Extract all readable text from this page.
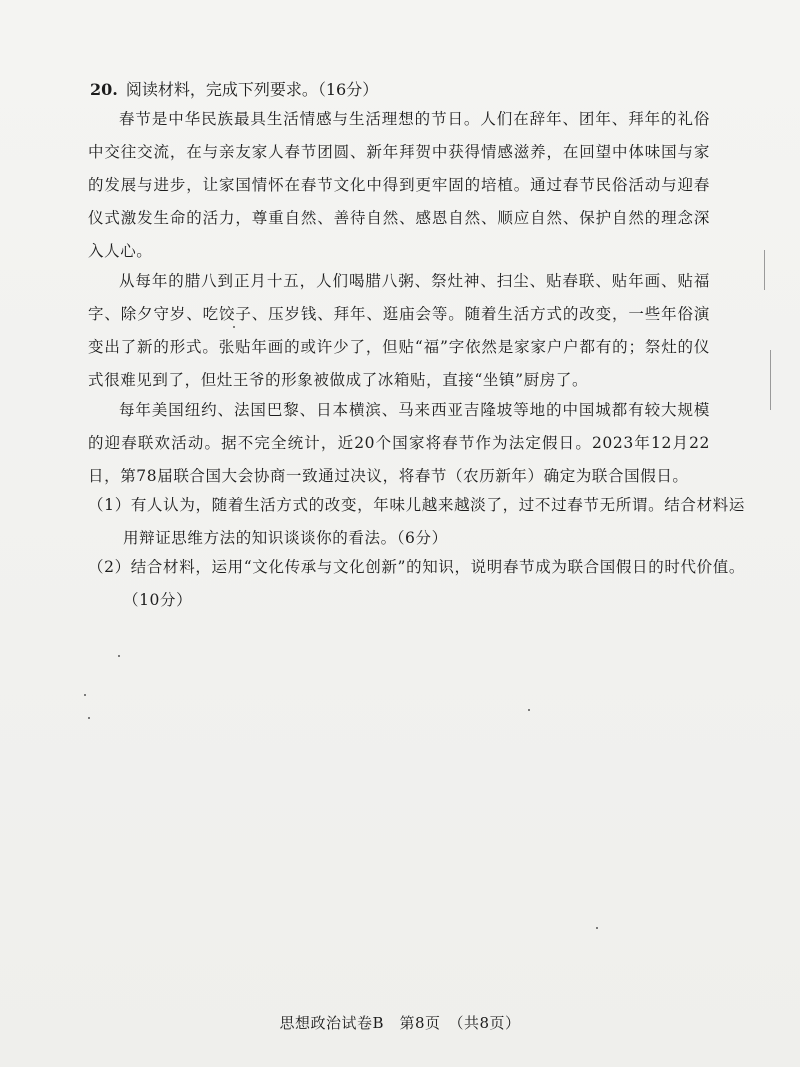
20. 阅读材料，完成下列要求。（16分）

春节是中华民族最具生活情感与生活理想的节日。人们在辞年、团年、拜年的礼俗中交往交流，在与亲友家人春节团圆、新年拜贺中获得情感滋养，在回望中体味国与家的发展与进步，让家国情怀在春节文化中得到更牢固的培植。通过春节民俗活动与迎春仪式激发生命的活力，尊重自然、善待自然、感恩自然、顺应自然、保护自然的理念深入人心。

从每年的腊八到正月十五，人们喝腊八粥、祭灶神、扫尘、贴春联、贴年画、贴福字、除夕守岁、吃饺子、压岁钱、拜年、逛庙会等。随着生活方式的改变，一些年俗演变出了新的形式。张贴年画的或许少了，但贴“福”字依然是家家户户都有的；祭灶的仪式很难见到了，但灶王爷的形象被做成了冰箱贴，直接“坐镇”厨房了。

每年美国纽约、法国巴黎、日本横滨、马来西亚吉隆坡等地的中国城都有较大规模的迎春联欢活动。据不完全统计，近20个国家将春节作为法定假日。2023年12月22日，第78届联合国大会协商一致通过决议，将春节（农历新年）确定为联合国假日。

（1）有人认为，随着生活方式的改变，年味儿越来越淡了，过不过春节无所谓。结合材料运用辩证思维方法的知识谈谈你的看法。（6分）

（2）结合材料，运用“文化传承与文化创新”的知识，说明春节成为联合国假日的时代价值。（10分）

思想政治试卷B　第8页　（共8页）
